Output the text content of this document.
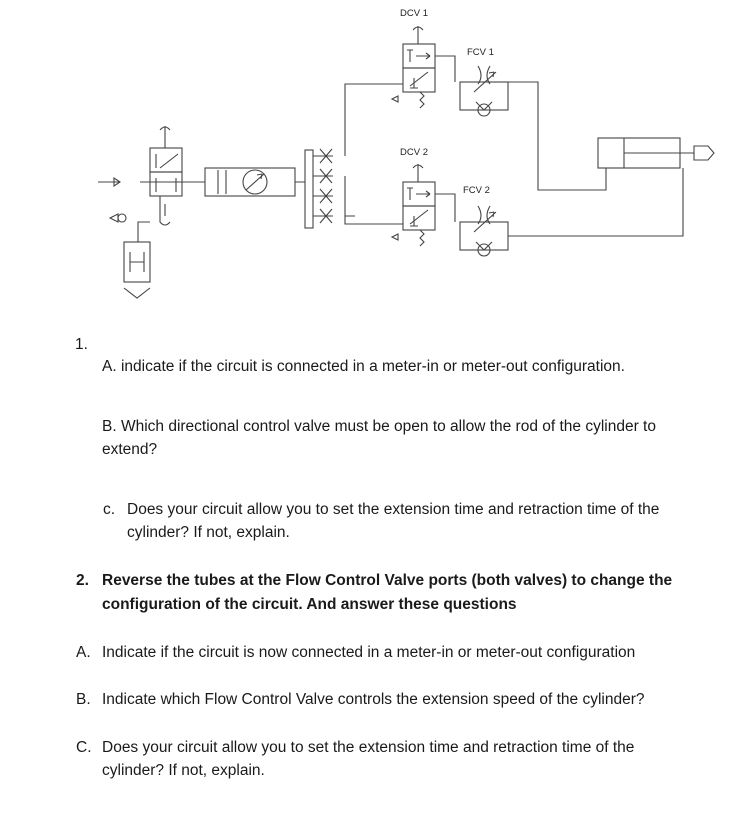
DCV 1
FCV 1
DCV 2
FCV 2

1.

A. indicate if the circuit is connected in a meter-in or meter-out configuration.

B. Which directional control valve must be open to allow the rod of the cylinder to

extend?

c. Does your circuit allow you to set the extension time and retraction time of the

cylinder? If not, explain.

2. Reverse the tubes at the Flow Control Valve ports (both valves) to change the

configuration of the circuit. And answer these questions

A. Indicate if the circuit is now connected in a meter-in or meter-out configuration

B. Indicate which Flow Control Valve controls the extension speed of the cylinder?

C. Does your circuit allow you to set the extension time and retraction time of the

cylinder? If not, explain.
